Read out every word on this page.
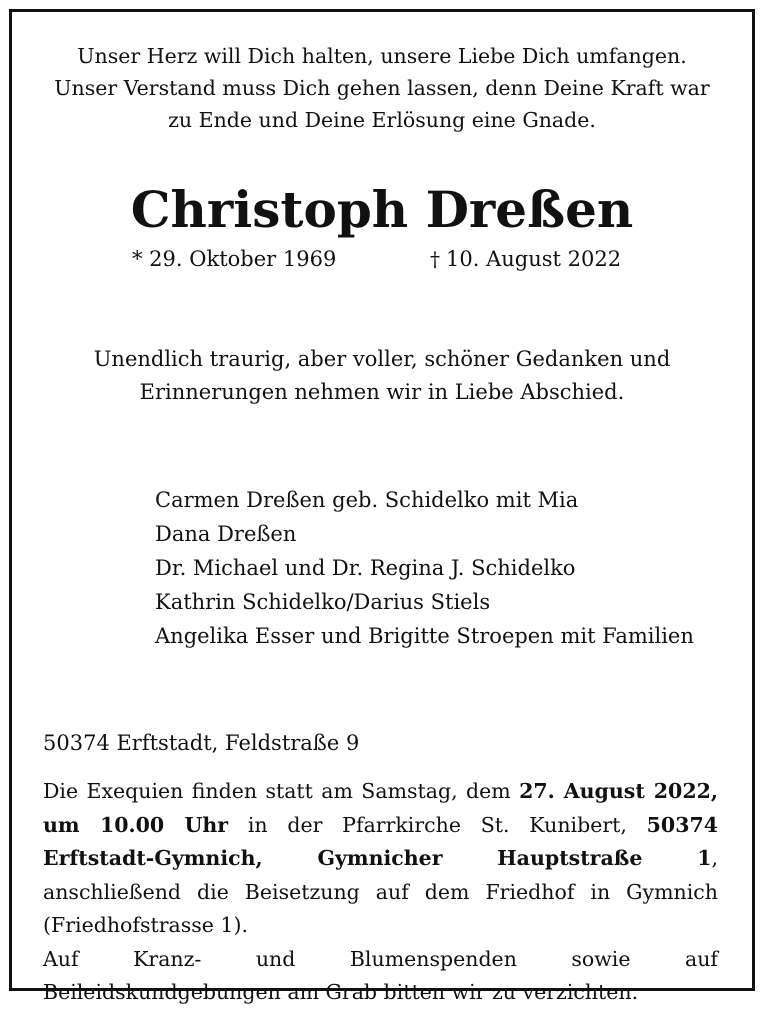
Unser Herz will Dich halten, unsere Liebe Dich umfangen.
Unser Verstand muss Dich gehen lassen, denn Deine Kraft war
zu Ende und Deine Erlösung eine Gnade.
Christoph Dreßen
* 29. Oktober 1969	† 10. August 2022
Unendlich traurig, aber voller, schöner Gedanken und
Erinnerungen nehmen wir in Liebe Abschied.
Carmen Dreßen geb. Schidelko mit Mia
Dana Dreßen
Dr. Michael und Dr. Regina J. Schidelko
Kathrin Schidelko/Darius Stiels
Angelika Esser und Brigitte Stroepen mit Familien
50374 Erftstadt, Feldstraße 9

Die Exequien finden statt am Samstag, dem 27. August 2022, um 10.00 Uhr in der Pfarrkirche St. Kunibert, 50374 Erftstadt-Gymnich, Gymnicher Hauptstraße 1, anschließend die Beisetzung auf dem Friedhof in Gymnich (Friedhofstrasse 1).

Auf Kranz- und Blumenspenden sowie auf Beileidskundgebungen am Grab bitten wir zu verzichten.
